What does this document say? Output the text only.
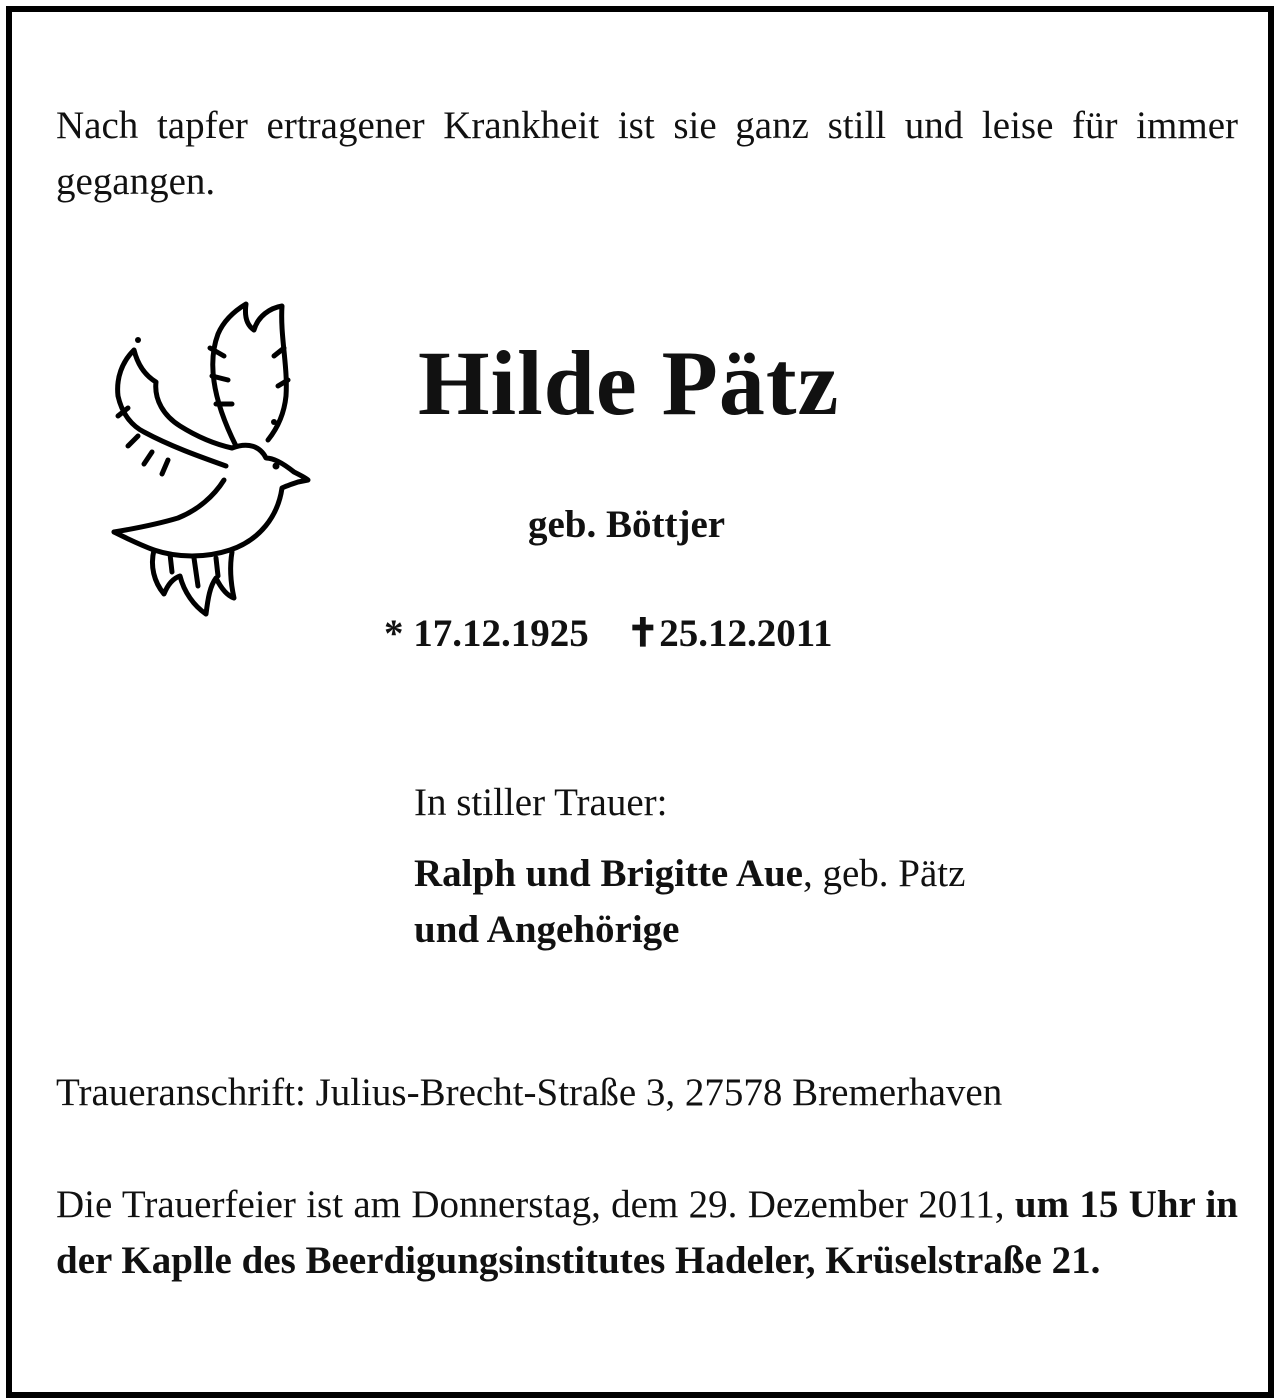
Nach tapfer ertragener Krankheit ist sie ganz still und leise für immer gegangen.
Hilde Pätz
geb. Böttjer
* 17.12.1925 ✝25.12.2011
In stiller Trauer:
Ralph und Brigitte Aue, geb. Pätz
und Angehörige
Traueranschrift: Julius-Brecht-Straße 3, 27578 Bremerhaven
Die Trauerfeier ist am Donnerstag, dem 29. Dezember 2011, um 15 Uhr in der Kaplle des Beerdigungsinstitutes Hadeler, Krüselstraße 21.
